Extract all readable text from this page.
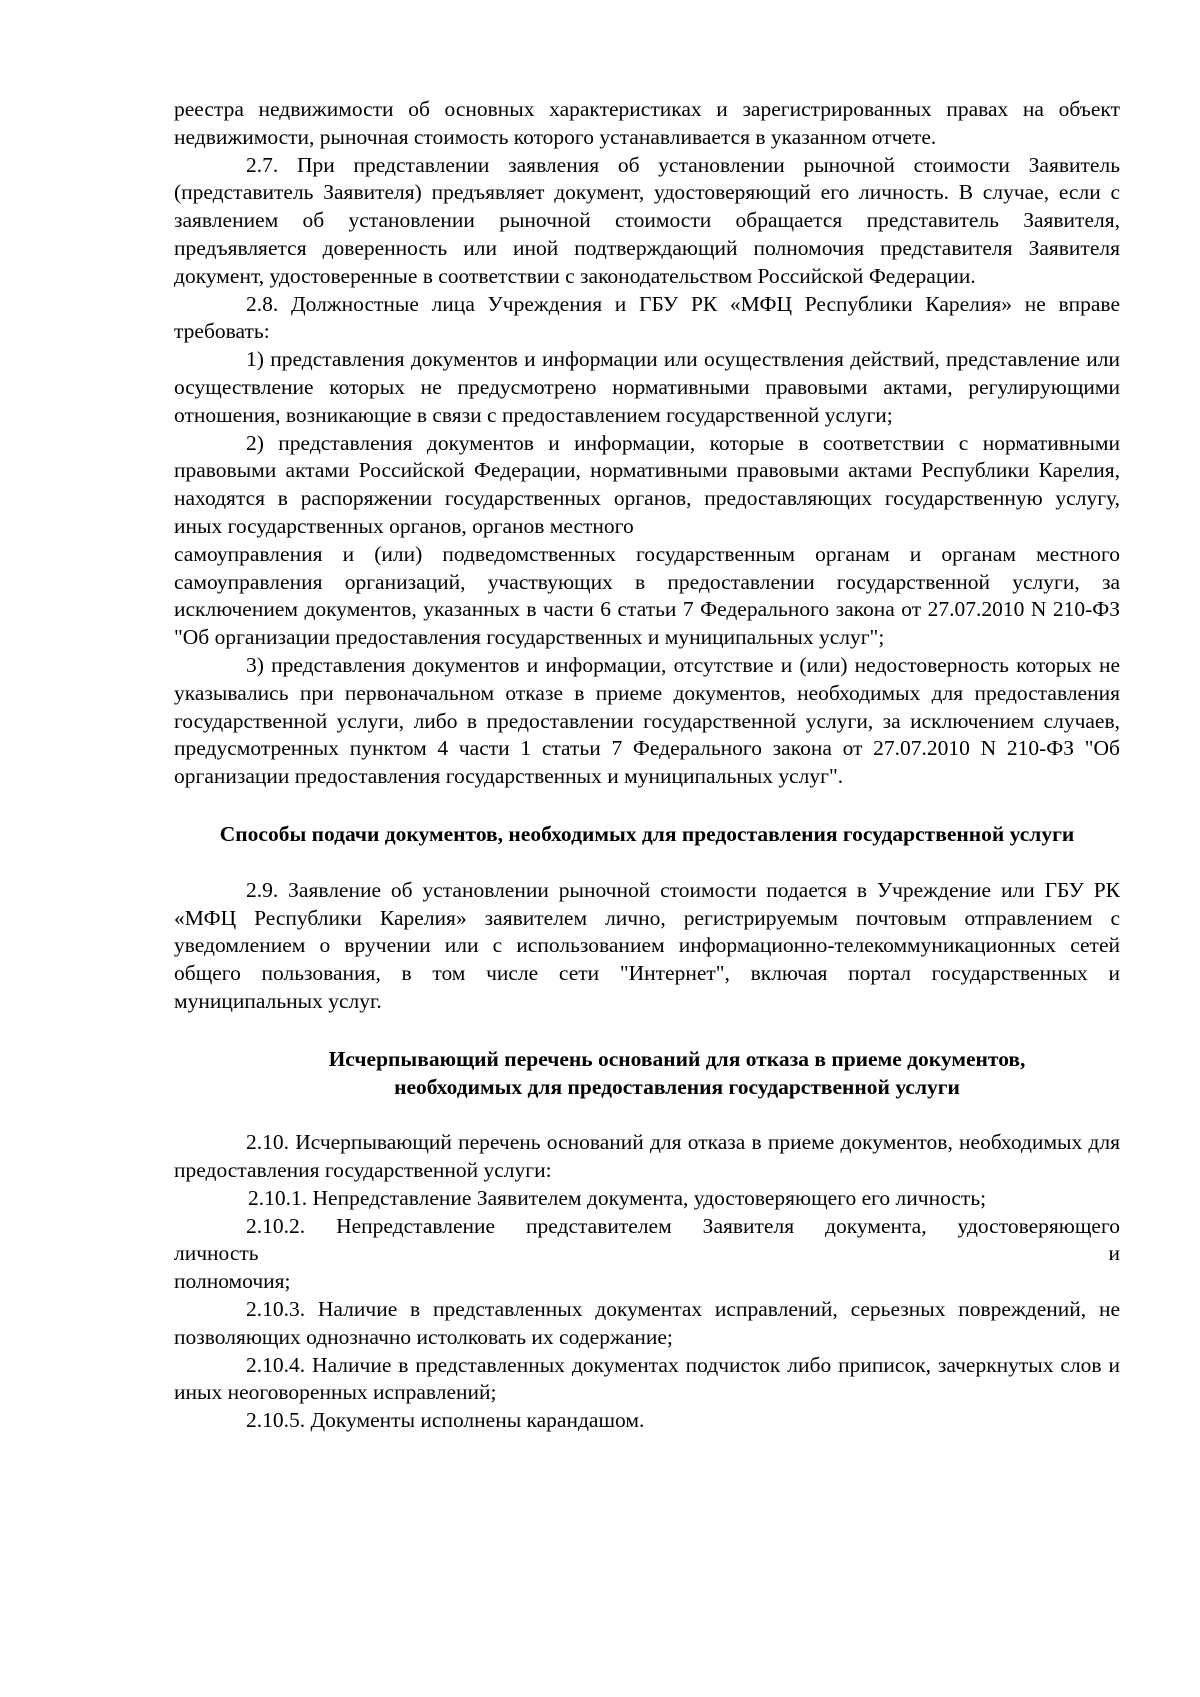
реестра недвижимости об основных характеристиках и зарегистрированных правах на объект недвижимости, рыночная стоимость которого устанавливается в указанном отчете.

2.7. При представлении заявления об установлении рыночной стоимости Заявитель (представитель Заявителя) предъявляет документ, удостоверяющий его личность. В случае, если с заявлением об установлении рыночной стоимости обращается представитель Заявителя, предъявляется доверенность или иной подтверждающий полномочия представителя Заявителя документ, удостоверенные в соответствии с законодательством Российской Федерации.

2.8. Должностные лица Учреждения и ГБУ РК «МФЦ Республики Карелия» не вправе требовать:

1) представления документов и информации или осуществления действий, представление или осуществление которых не предусмотрено нормативными правовыми актами, регулирующими отношения, возникающие в связи с предоставлением государственной услуги;

2) представления документов и информации, которые в соответствии с нормативными правовыми актами Российской Федерации, нормативными правовыми актами Республики Карелия, находятся в распоряжении государственных органов, предоставляющих государственную услугу, иных государственных органов, органов местного

самоуправления и (или) подведомственных государственным органам и органам местного самоуправления организаций, участвующих в предоставлении государственной услуги, за исключением документов, указанных в части 6 статьи 7 Федерального закона от 27.07.2010 N 210-ФЗ "Об организации предоставления государственных и муниципальных услуг";

3) представления документов и информации, отсутствие и (или) недостоверность которых не указывались при первоначальном отказе в приеме документов, необходимых для предоставления государственной услуги, либо в предоставлении государственной услуги, за исключением случаев, предусмотренных пунктом 4 части 1 статьи 7 Федерального закона от 27.07.2010 N 210-ФЗ "Об организации предоставления государственных и муниципальных услуг".

Способы подачи документов, необходимых для предоставления государственной услуги

2.9. Заявление об установлении рыночной стоимости подается в Учреждение или ГБУ РК «МФЦ Республики Карелия» заявителем лично, регистрируемым почтовым отправлением с уведомлением о вручении или с использованием информационно-телекоммуникационных сетей общего пользования, в том числе сети "Интернет", включая портал государственных и муниципальных услуг.

Исчерпывающий перечень оснований для отказа в приеме документов,

необходимых для предоставления государственной услуги

2.10. Исчерпывающий перечень оснований для отказа в приеме документов, необходимых для предоставления государственной услуги:

2.10.1. Непредставление Заявителем документа, удостоверяющего его личность;

2.10.2. Непредставление представителем Заявителя документа, удостоверяющего

личность	и

полномочия;

2.10.3. Наличие в представленных документах исправлений, серьезных повреждений, не позволяющих однозначно истолковать их содержание;

2.10.4. Наличие в представленных документах подчисток либо приписок, зачеркнутых слов и иных неоговоренных исправлений;

2.10.5. Документы исполнены карандашом.
